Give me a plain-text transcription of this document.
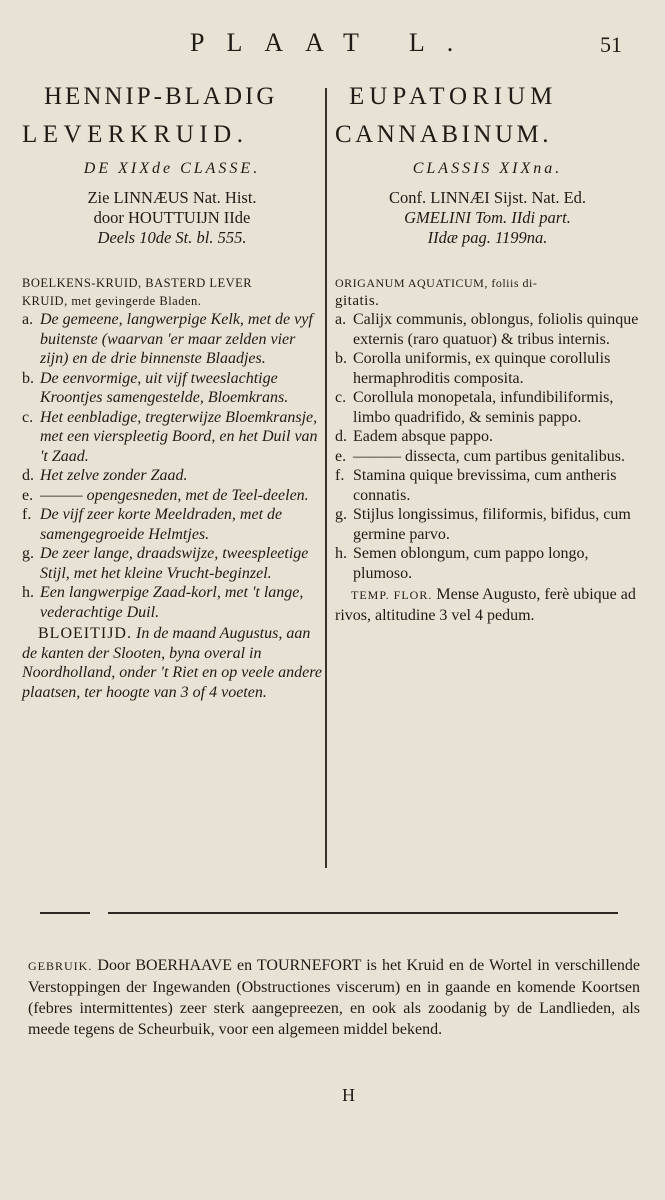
PLAAT L.	51
HENNIP-BLADIG
LEVERKRUID.
DE XIXde CLASSE.
Zie LINNÆUS Nat. Hist.
door HOUTTUIJN IIde
Deels 10de St. bl. 555.
BOELKENS-KRUID, BASTERD LEVER
KRUID, met gevingerde Bladen.
a. De gemeene, langwerpige Kelk, met de vyf buitenste (waarvan 'er maar zelden vier zijn) en de drie binnenste Blaadjes.
b. De eenvormige, uit vijf tweeslachtige Kroontjes samengestelde, Bloemkrans.
c. Het eenbladige, tregterwijze Bloemkransje, met een vierspleetig Boord, en het Duil van 't Zaad.
d. Het zelve zonder Zaad.
e. ——— opengesneden, met de Teel-deelen.
f. De vijf zeer korte Meeldraden, met de samengegroeide Helmtjes.
g. De zeer lange, draadswijze, tweespleetige Stijl, met het kleine Vrucht-beginzel.
h. Een langwerpige Zaad-korl, met 't lange, vederachtige Duil.
BLOEITIJD. In de maand Augustus, aan de kanten der Slooten, byna overal in Noordholland, onder 't Riet en op veele andere plaatsen, ter hoogte van 3 of 4 voeten.
EUPATORIUM
CANNABINUM.
CLASSIS XIXna.
Conf. LINNÆI Sijst. Nat. Ed.
GMELINI Tom. IIdi part.
IIdæ pag. 1199na.
ORIGANUM AQUATICUM, foliis di-
gitatis.
a. Calijx communis, oblongus, foliolis quinque externis (raro quatuor) & tribus internis.
b. Corolla uniformis, ex quinque corollulis hermaphroditis composita.
c. Corollula monopetala, infundibiliformis, limbo quadrifido, & seminis pappo.
d. Eadem absque pappo.
e. ——— dissecta, cum partibus genitalibus.
f. Stamina quique brevissima, cum antheris connatis.
g. Stijlus longissimus, filiformis, bifidus, cum germine parvo.
h. Semen oblongum, cum pappo longo, plumoso.
TEMP. FLOR. Mense Augusto, ferè ubique ad rivos, altitudine 3 vel 4 pedum.
GEBRUIK. Door BOERHAAVE en TOURNEFORT is het Kruid en de Wortel in verschillende Verstoppingen der Ingewanden (Obstructiones viscerum) en in gaande en komende Koortsen (febres intermittentes) zeer sterk aangepreezen, en ook als zoodanig by de Landlieden, als meede tegens de Scheurbuik, voor een algemeen middel bekend.
H
